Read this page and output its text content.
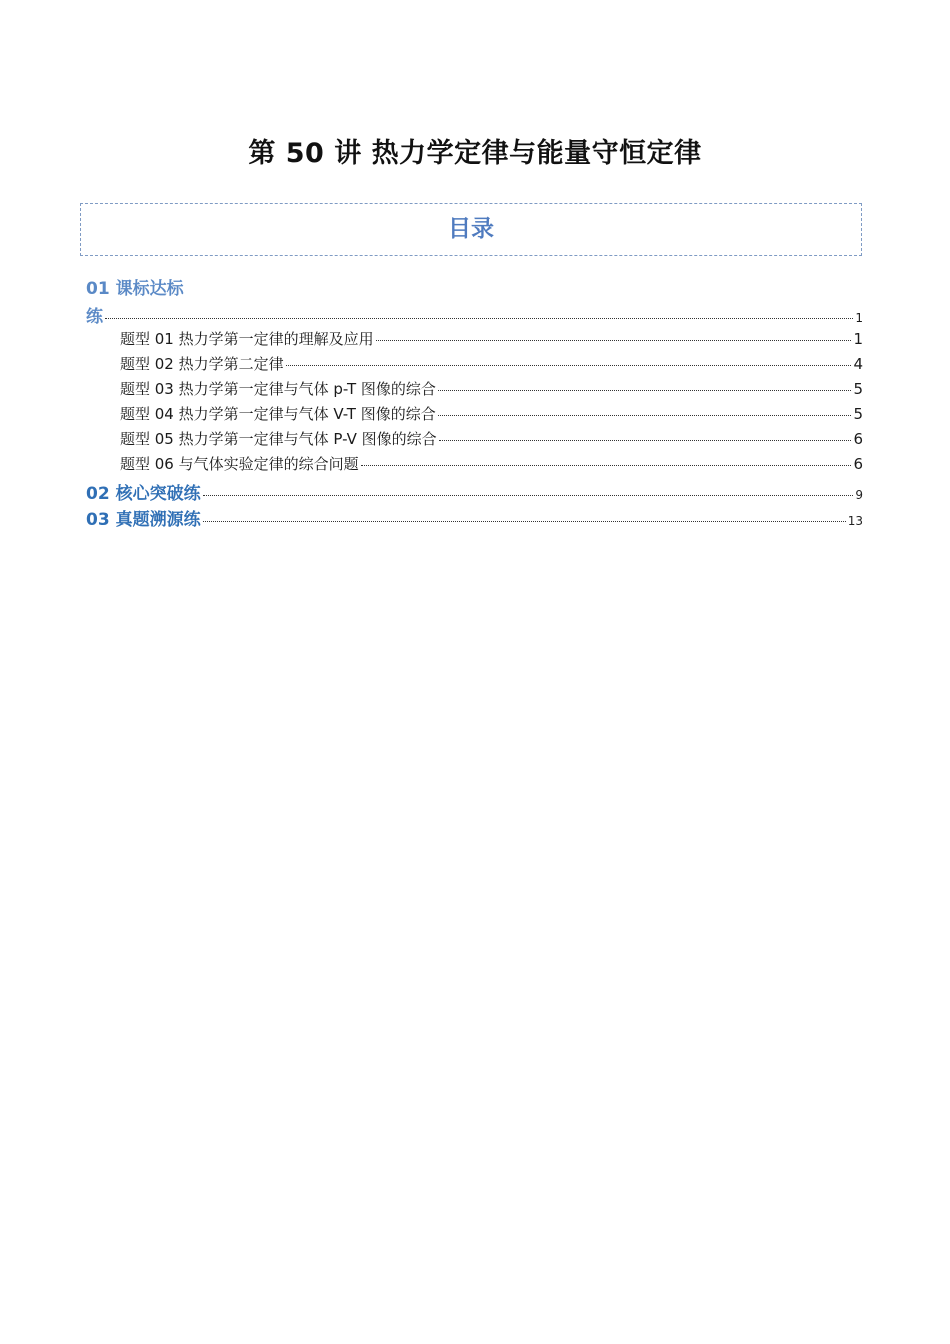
第 50 讲 热力学定律与能量守恒定律
目录
01 课标达标
练	1
题型 01 热力学第一定律的理解及应用	1
题型 02 热力学第二定律	4
题型 03 热力学第一定律与气体 p-T 图像的综合	5
题型 04 热力学第一定律与气体 V-T 图像的综合	5
题型 05 热力学第一定律与气体 P-V 图像的综合	6
题型 06 与气体实验定律的综合问题	6
02 核心突破练	9
03 真题溯源练	13
